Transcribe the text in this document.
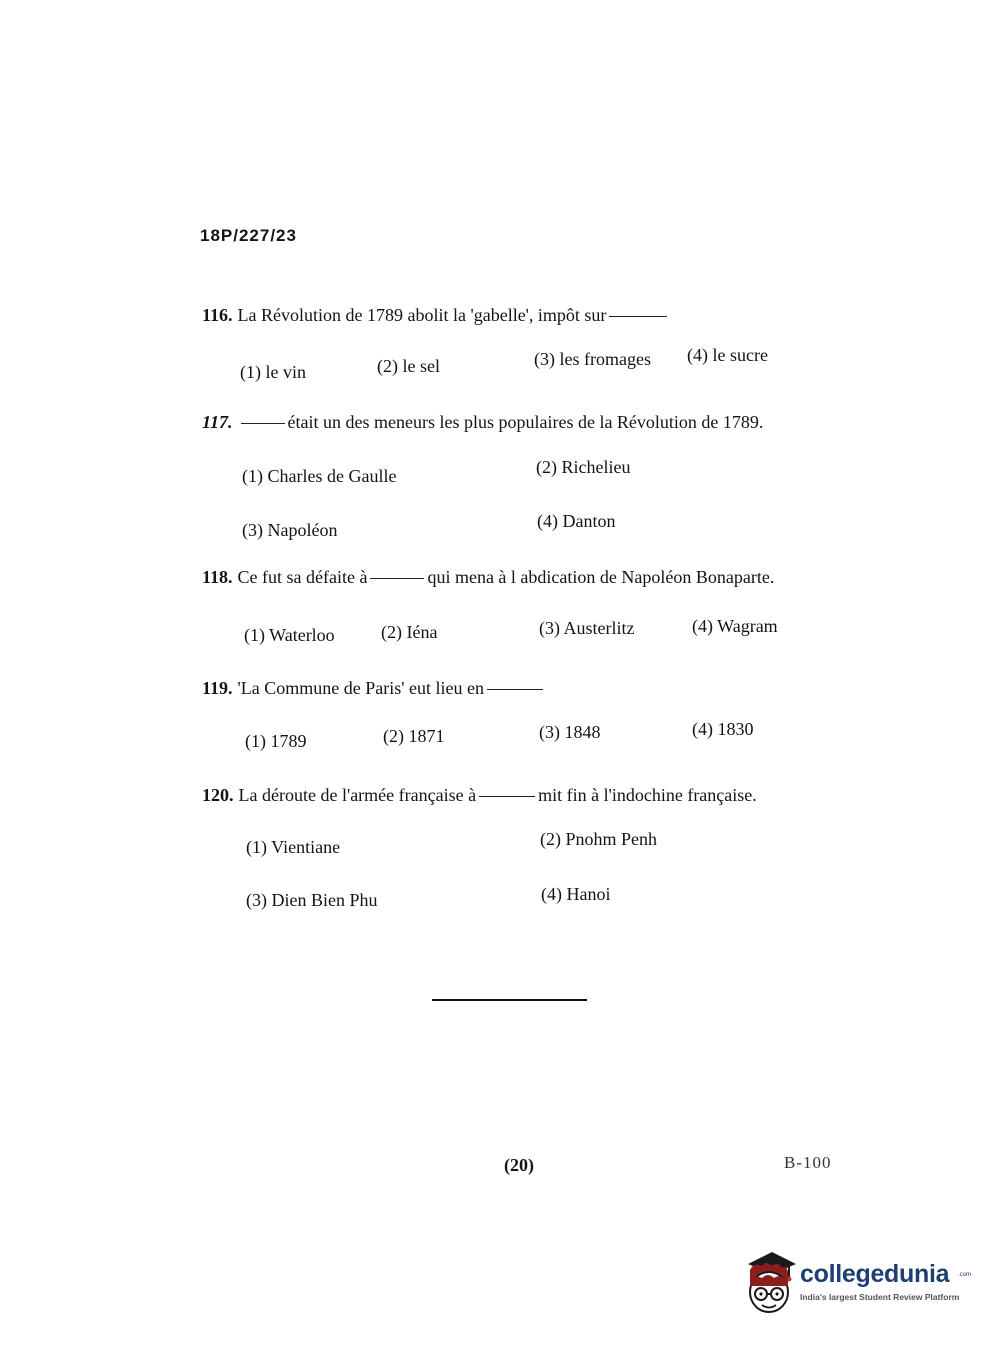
18P/227/23
116. La Révolution de 1789 abolit la 'gabelle', impôt sur
(1) le vin	(2) le sel	(3) les fromages (4) le sucre
117.	était un des meneurs les plus populaires de la Révolution de 1789.
(1) Charles de Gaulle	(2) Richelieu
(3) Napoléon	(4) Danton
118. Ce fut sa défaite à	qui mena à l abdication de Napoléon Bonaparte.
(1) Waterloo	(2) Iéna	(3) Austerlitz	(4) Wagram
119. 'La Commune de Paris' eut lieu en
(1) 1789	(2) 1871	(3) 1848	(4) 1830
120. La déroute de l'armée française à	mit fin à l'indochine française.
(1) Vientiane	(2) Pnohm Penh
(3) Dien Bien Phu	(4) Hanoi
(20)	B-100
collegedunia .com
India's largest Student Review Platform
